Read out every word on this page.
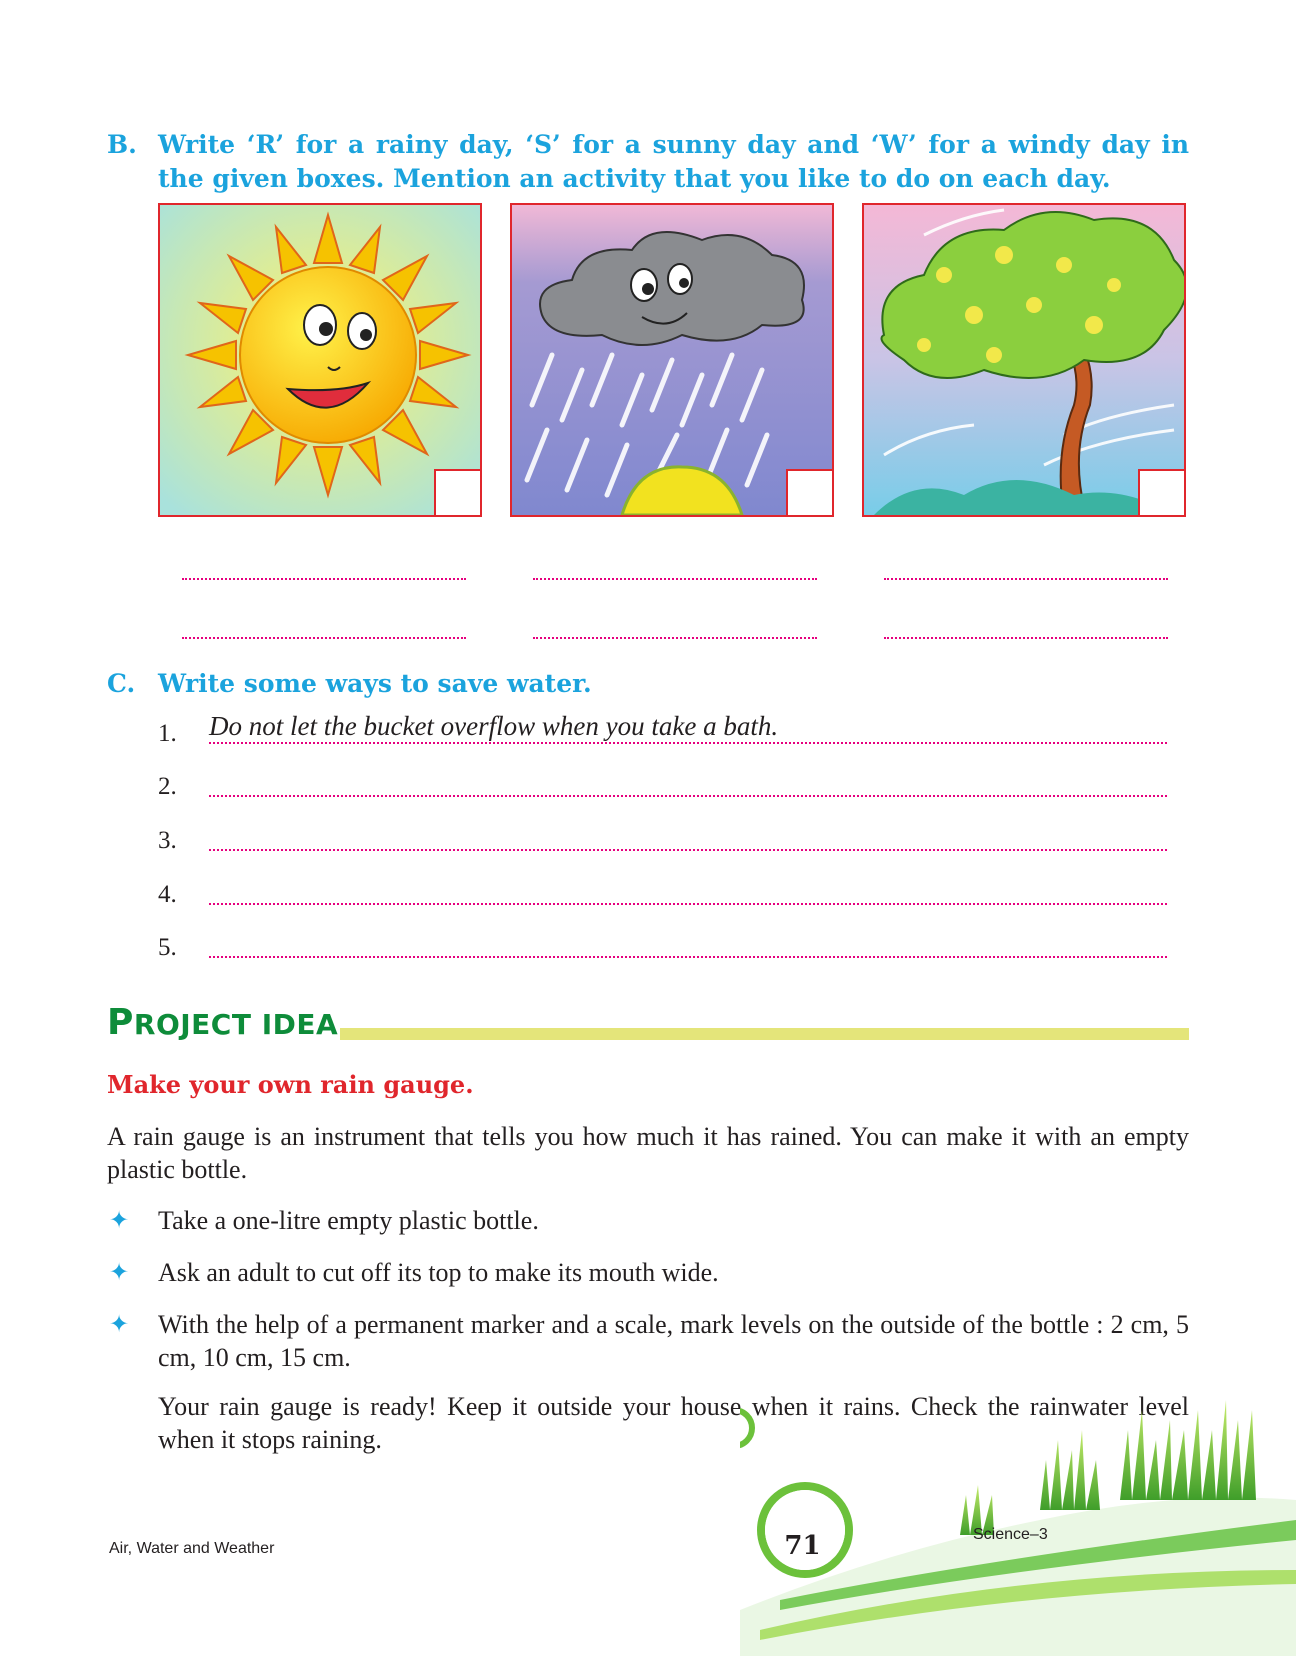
B. Write ‘R’ for a rainy day, ‘S’ for a sunny day and ‘W’ for a windy day in the given boxes. Mention an activity that you like to do on each day.
C. Write some ways to save water.
1. Do not let the bucket overflow when you take a bath.
2.
3.
4.
5.
PROJECT IDEA
Make your own rain gauge.
A rain gauge is an instrument that tells you how much it has rained. You can make it with an empty plastic bottle.
✦	Take a one-litre empty plastic bottle.
✦	Ask an adult to cut off its top to make its mouth wide.
✦	With the help of a permanent marker and a scale, mark levels on the outside of the bottle : 2 cm, 5 cm, 10 cm, 15 cm.
Your rain gauge is ready! Keep it outside your house when it rains. Check the rainwater level when it stops raining.
71
Air, Water and Weather
Science–3
